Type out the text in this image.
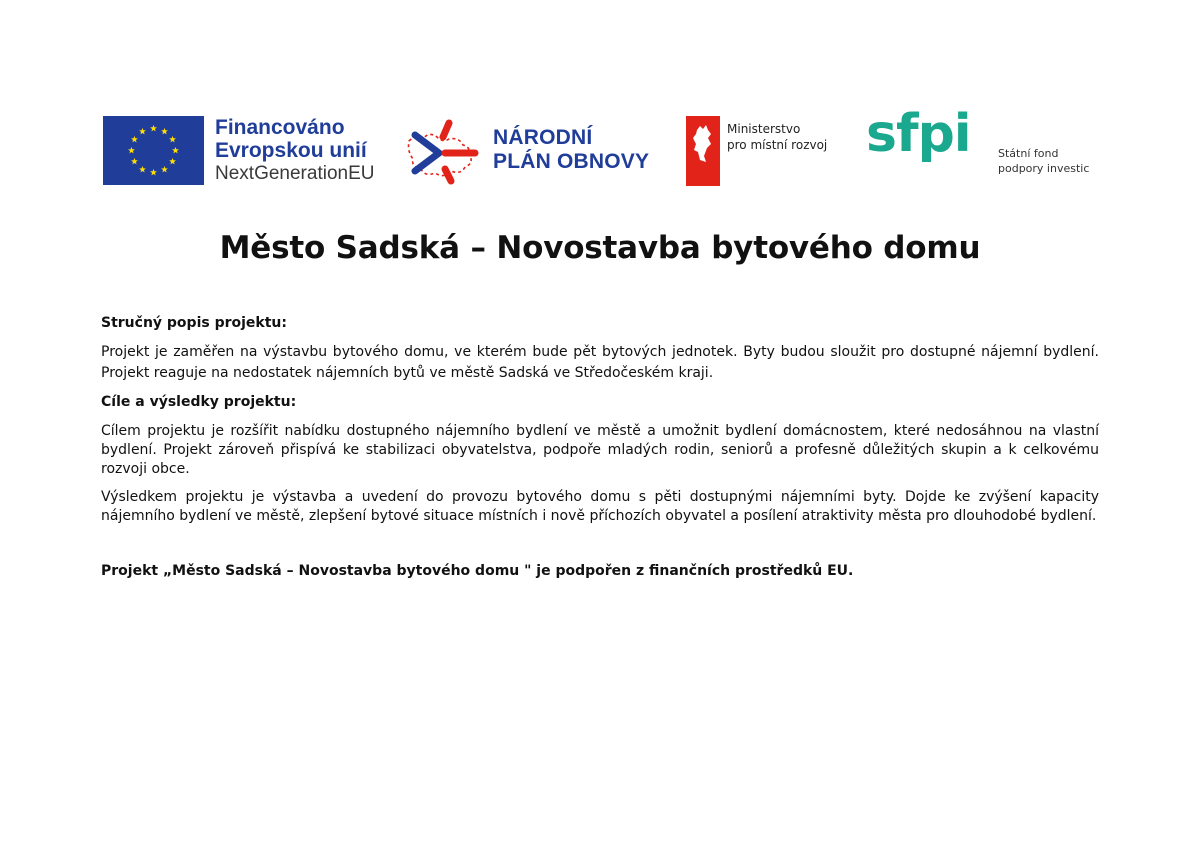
Financováno
Evropskou unií
NextGenerationEU
NÁRODNÍ
PLÁN OBNOVY
Ministerstvo
pro místní rozvoj sfpi Státní fond
podpory investic
Město Sadská – Novostavba bytového domu

Stručný popis projektu:

Projekt je zaměřen na výstavbu bytového domu, ve kterém bude pět bytových jednotek. Byty budou sloužit pro dostupné nájemní bydlení. Projekt reaguje na nedostatek nájemních bytů ve městě Sadská ve Středočeském kraji.

Cíle a výsledky projektu:

Cílem projektu je rozšířit nabídku dostupného nájemního bydlení ve městě a umožnit bydlení domácnostem, které nedosáhnou na vlastní bydlení. Projekt zároveň přispívá ke stabilizaci obyvatelstva, podpoře mladých rodin, seniorů a profesně důležitých skupin a k celkovému rozvoji obce.

Výsledkem projektu je výstavba a uvedení do provozu bytového domu s pěti dostupnými nájemními byty. Dojde ke zvýšení kapacity nájemního bydlení ve městě, zlepšení bytové situace místních i nově příchozích obyvatel a posílení atraktivity města pro dlouhodobé bydlení.

Projekt „Město Sadská – Novostavba bytového domu " je podpořen z finančních prostředků EU.
